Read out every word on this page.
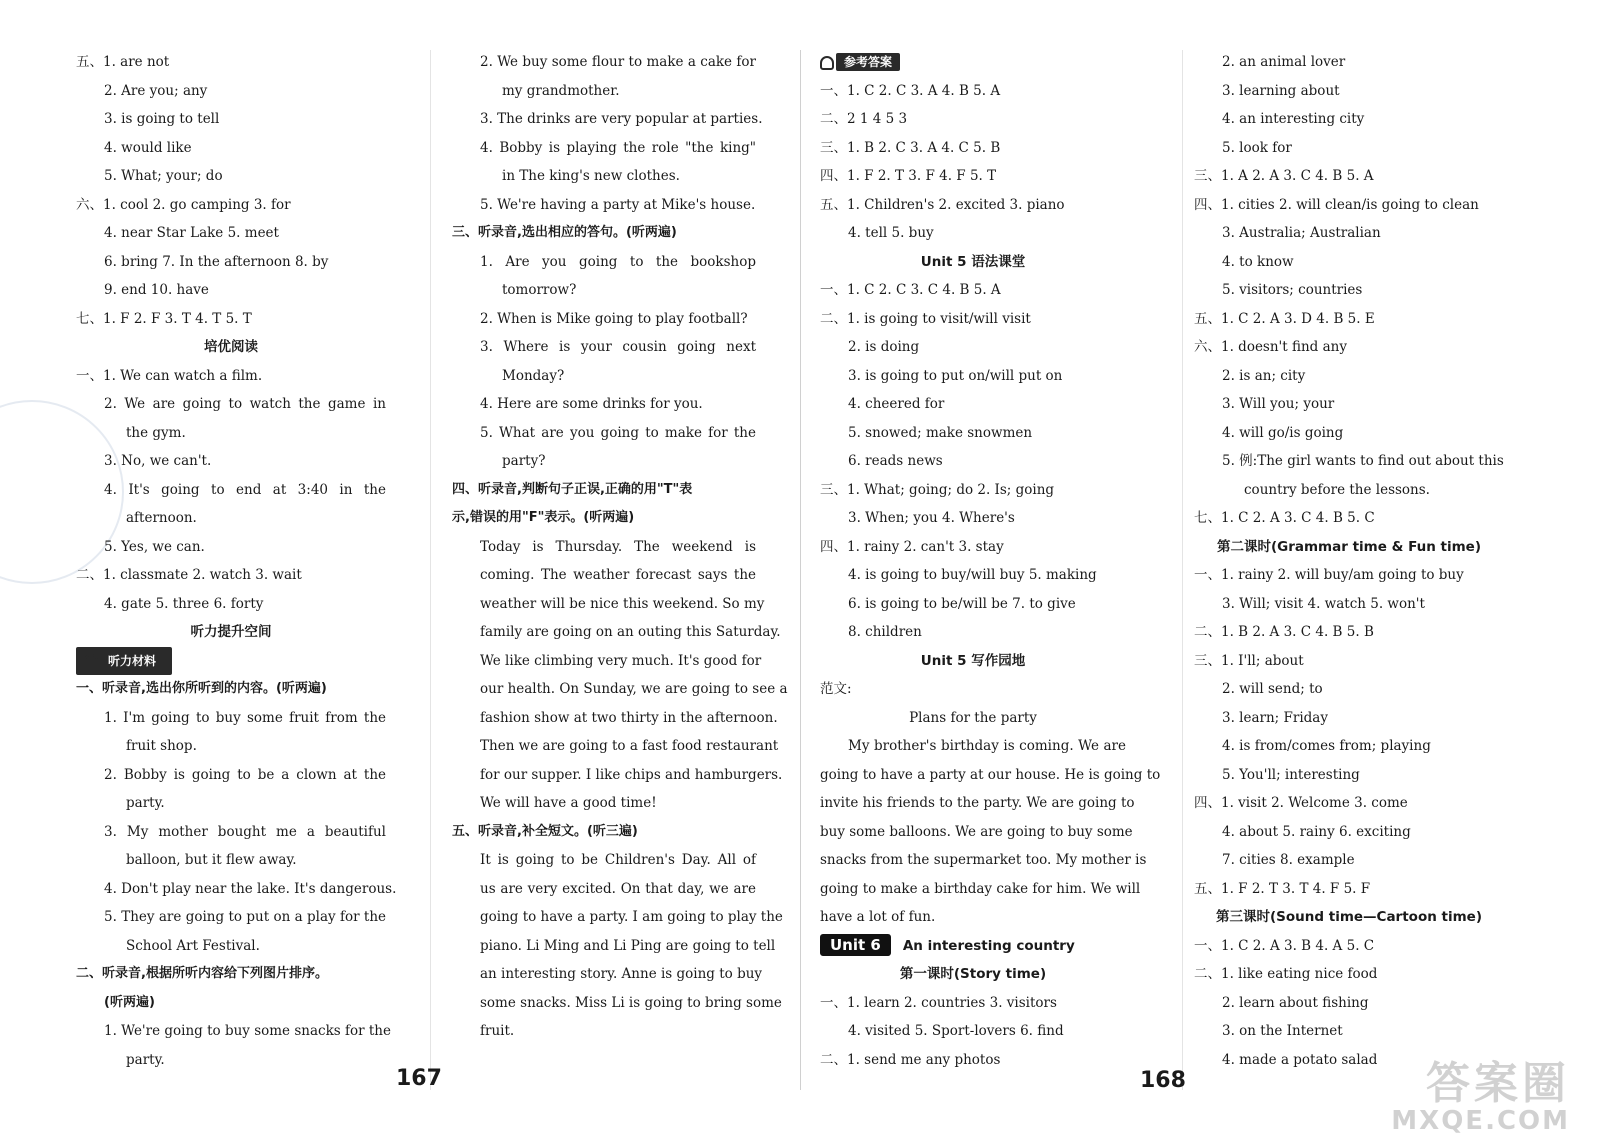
五、1. are not
2. Are you; any
3. is going to tell
4. would like
5. What; your; do
六、1. cool 2. go camping 3. for
4. near Star Lake 5. meet
6. bring 7. In the afternoon 8. by
9. end 10. have
七、1. F 2. F 3. T 4. T 5. T
培优阅读
一、1. We can watch a film.
2. We are going to watch the game in
the gym.
3. No, we can't.
4. It's going to end at 3:40 in the
afternoon.
5. Yes, we can.
二、1. classmate 2. watch 3. wait
4. gate 5. three 6. forty
听力提升空间
听力材料
一、听录音,选出你所听到的内容。(听两遍)
1. I'm going to buy some fruit from the
fruit shop.
2. Bobby is going to be a clown at the
party.
3. My mother bought me a beautiful
balloon, but it flew away.
4. Don't play near the lake. It's dangerous.
5. They are going to put on a play for the
School Art Festival.
二、听录音,根据所听内容给下列图片排序。
(听两遍)
1. We're going to buy some snacks for the
party.
2. We buy some flour to make a cake for
my grandmother.
3. The drinks are very popular at parties.
4. Bobby is playing the role "the king"
in The king's new clothes.
5. We're having a party at Mike's house.
三、听录音,选出相应的答句。(听两遍)
1. Are you going to the bookshop
tomorrow?
2. When is Mike going to play football?
3. Where is your cousin going next
Monday?
4. Here are some drinks for you.
5. What are you going to make for the
party?
四、听录音,判断句子正误,正确的用"T"表
示,错误的用"F"表示。(听两遍)
Today is Thursday. The weekend is
coming. The weather forecast says the
weather will be nice this weekend. So my
family are going on an outing this Saturday.
We like climbing very much. It's good for
our health. On Sunday, we are going to see a
fashion show at two thirty in the afternoon.
Then we are going to a fast food restaurant
for our supper. I like chips and hamburgers.
We will have a good time!
五、听录音,补全短文。(听三遍)
It is going to be Children's Day. All of
us are very excited. On that day, we are
going to have a party. I am going to play the
piano. Li Ming and Li Ping are going to tell
an interesting story. Anne is going to buy
some snacks. Miss Li is going to bring some
fruit.
参考答案
一、1. C 2. C 3. A 4. B 5. A
二、2 1 4 5 3
三、1. B 2. C 3. A 4. C 5. B
四、1. F 2. T 3. F 4. F 5. T
五、1. Children's 2. excited 3. piano
4. tell 5. buy
Unit 5 语法课堂
一、1. C 2. C 3. C 4. B 5. A
二、1. is going to visit/will visit
2. is doing
3. is going to put on/will put on
4. cheered for
5. snowed; make snowmen
6. reads news
三、1. What; going; do 2. Is; going
3. When; you 4. Where's
四、1. rainy 2. can't 3. stay
4. is going to buy/will buy 5. making
6. is going to be/will be 7. to give
8. children
Unit 5 写作园地
范文:
Plans for the party
My brother's birthday is coming. We are
going to have a party at our house. He is going to
invite his friends to the party. We are going to
buy some balloons. We are going to buy some
snacks from the supermarket too. My mother is
going to make a birthday cake for him. We will
have a lot of fun.
Unit 6 An interesting country
第一课时(Story time)
一、1. learn 2. countries 3. visitors
4. visited 5. Sport-lovers 6. find
二、1. send me any photos
2. an animal lover
3. learning about
4. an interesting city
5. look for
三、1. A 2. A 3. C 4. B 5. A
四、1. cities 2. will clean/is going to clean
3. Australia; Australian
4. to know
5. visitors; countries
五、1. C 2. A 3. D 4. B 5. E
六、1. doesn't find any
2. is an; city
3. Will you; your
4. will go/is going
5. 例:The girl wants to find out about this
country before the lessons.
七、1. C 2. A 3. C 4. B 5. C
第二课时(Grammar time & Fun time)
一、1. rainy 2. will buy/am going to buy
3. Will; visit 4. watch 5. won't
二、1. B 2. A 3. C 4. B 5. B
三、1. I'll; about
2. will send; to
3. learn; Friday
4. is from/comes from; playing
5. You'll; interesting
四、1. visit 2. Welcome 3. come
4. about 5. rainy 6. exciting
7. cities 8. example
五、1. F 2. T 3. T 4. F 5. F
第三课时(Sound time—Cartoon time)
一、1. C 2. A 3. B 4. A 5. C
二、1. like eating nice food
2. learn about fishing
3. on the Internet
4. made a potato salad
167	168	答案圈
MXQE.COM
